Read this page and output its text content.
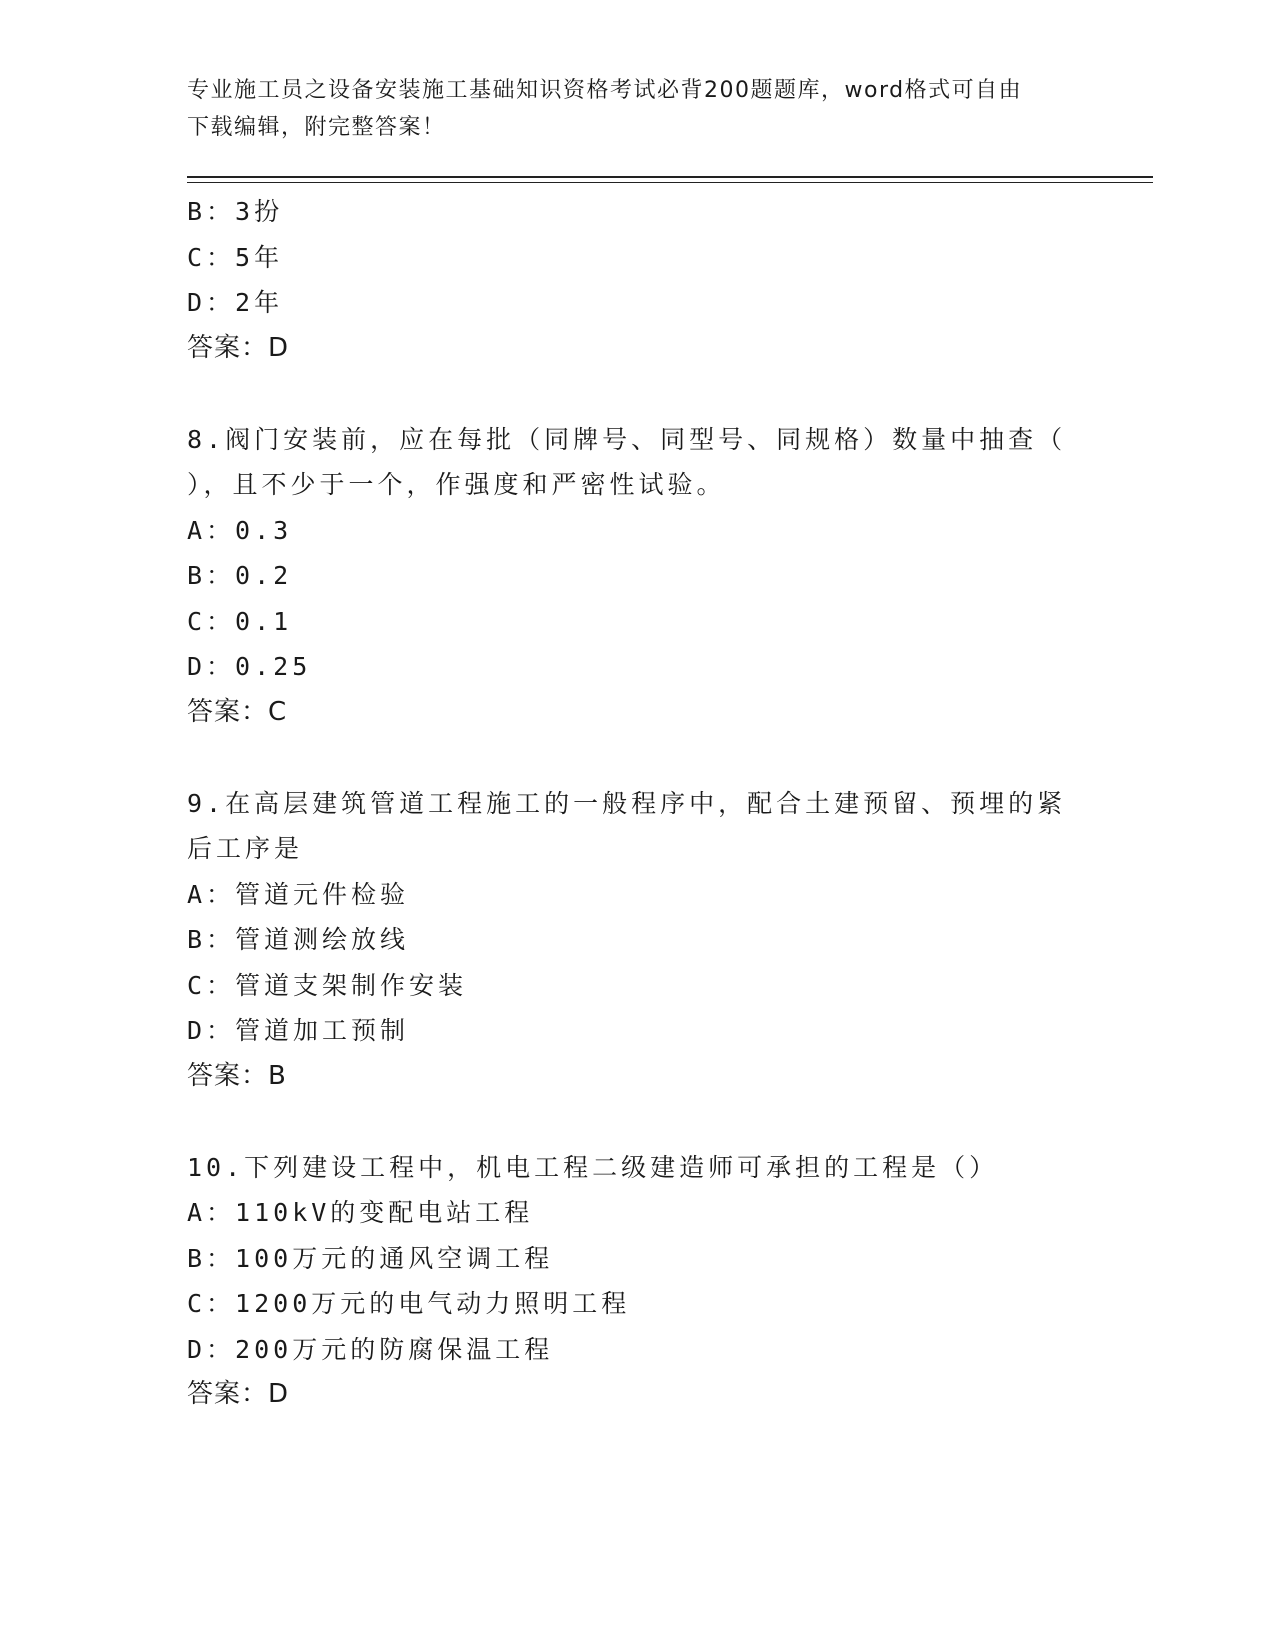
专业施工员之设备安装施工基础知识资格考试必背200题题库，word格式可自由
下载编辑，附完整答案！
B：3扮
C：5年
D：2年
答案：D
8.阀门安装前，应在每批（同牌号、同型号、同规格）数量中抽查（
），且不少于一个，作强度和严密性试验。
A：0.3
B：0.2
C：0.1
D：0.25
答案：C
9.在高层建筑管道工程施工的一般程序中，配合土建预留、预埋的紧
后工序是
A：管道元件检验
B：管道测绘放线
C：管道支架制作安装
D：管道加工预制
答案：B
10.下列建设工程中，机电工程二级建造师可承担的工程是（）
A：110kV的变配电站工程
B：100万元的通风空调工程
C：1200万元的电气动力照明工程
D：200万元的防腐保温工程
答案：D
